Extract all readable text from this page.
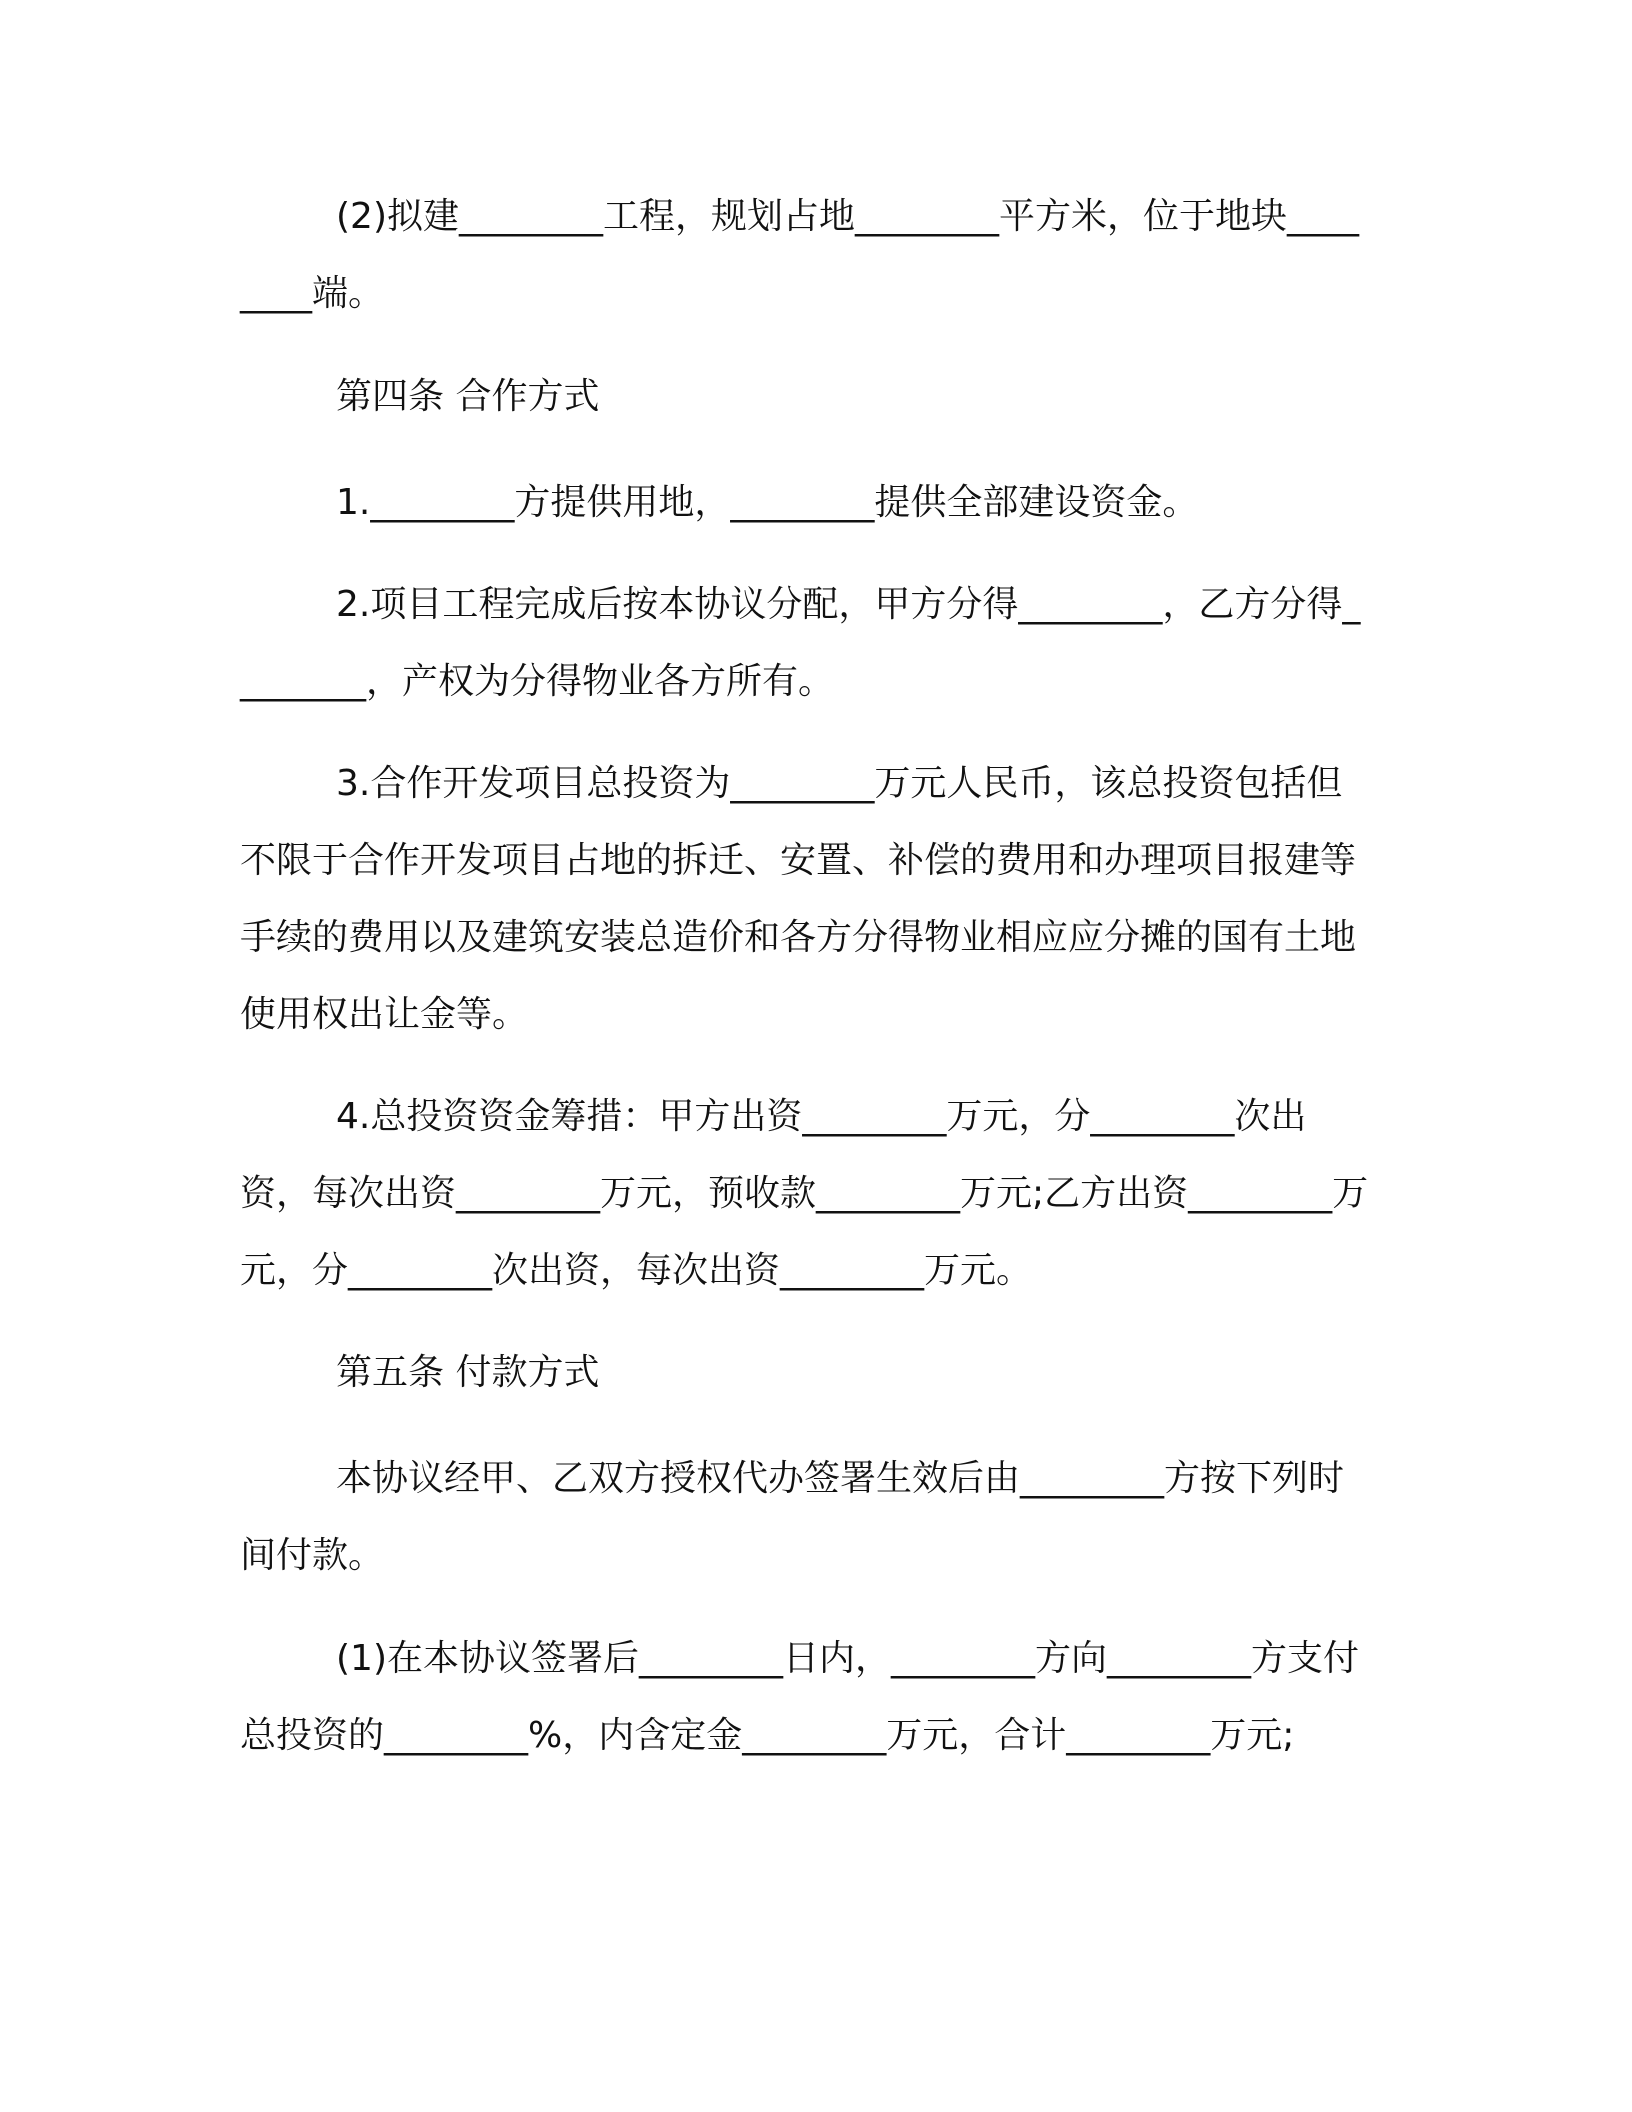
(2)拟建________工程，规划占地________平方米，位于地块________端。

第四条 合作方式

1.________方提供用地，________提供全部建设资金。

2.项目工程完成后按本协议分配，甲方分得________，乙方分得________，产权为分得物业各方所有。

3.合作开发项目总投资为________万元人民币，该总投资包括但不限于合作开发项目占地的拆迁、安置、补偿的费用和办理项目报建等手续的费用以及建筑安装总造价和各方分得物业相应应分摊的国有土地使用权出让金等。

4.总投资资金筹措：甲方出资________万元，分________次出资，每次出资________万元，预收款________万元;乙方出资________万元，分________次出资，每次出资________万元。

第五条 付款方式

本协议经甲、乙双方授权代办签署生效后由________方按下列时间付款。

(1)在本协议签署后________日内，________方向________方支付总投资的________%，内含定金________万元，合计________万元;
